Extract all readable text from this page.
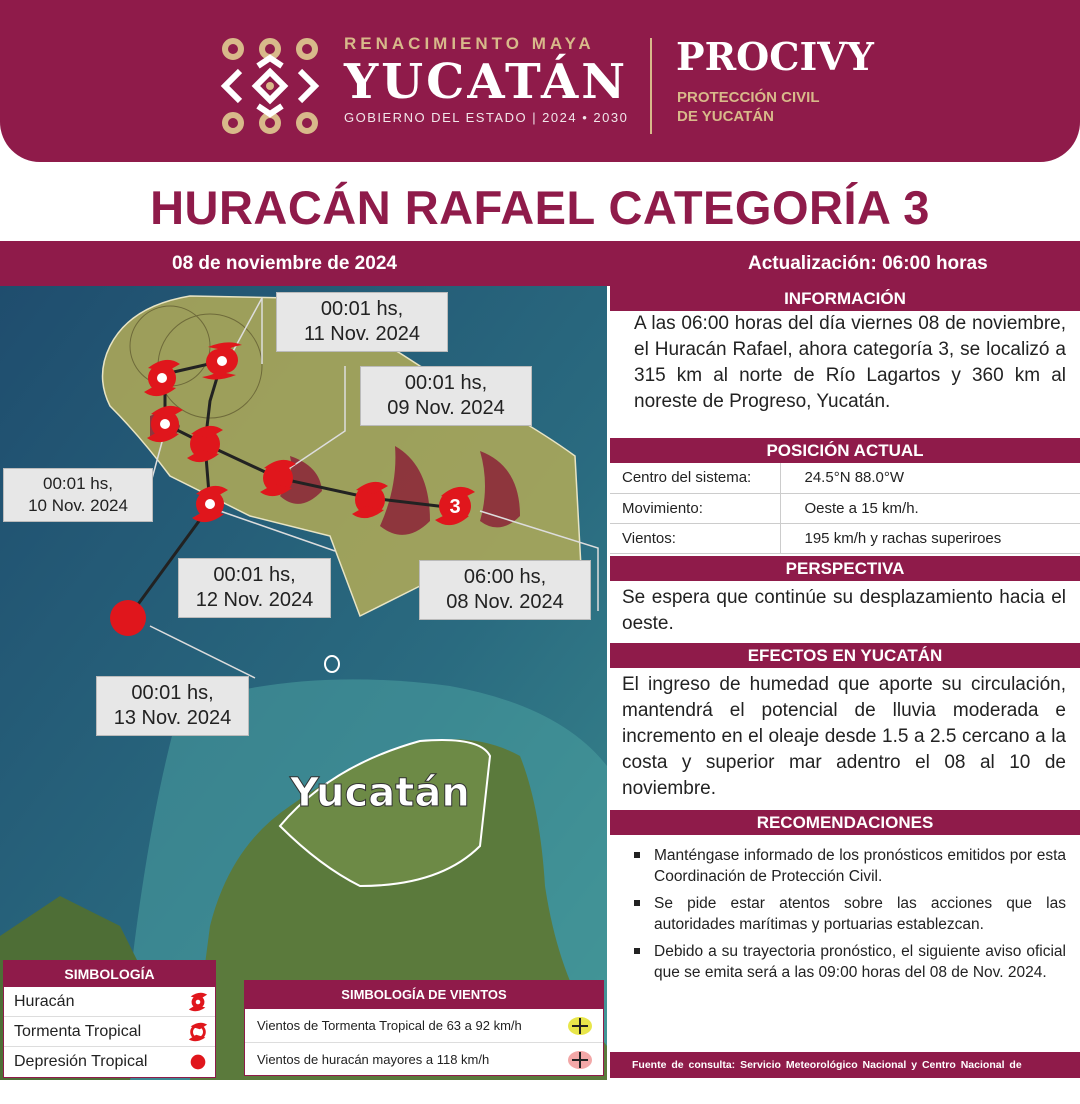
RENACIMIENTO MAYA
YUCATÁN
GOBIERNO DEL ESTADO | 2024 • 2030
PROCIVY
PROTECCIÓN CIVIL
DE YUCATÁN
HURACÁN RAFAEL CATEGORÍA 3
08 de noviembre de 2024	Actualización: 06:00 horas
3
Yucatán
00:01 hs,
11 Nov. 2024
00:01 hs,
09 Nov. 2024
00:01 hs,
10 Nov. 2024
00:01 hs,
12 Nov. 2024
06:00 hs,
08 Nov. 2024
00:01 hs,
13 Nov. 2024
SIMBOLOGÍA
Huracán
Tormenta Tropical
Depresión Tropical
SIMBOLOGÍA DE VIENTOS
Vientos de Tormenta Tropical de 63 a 92 km/h
Vientos de huracán mayores a 118 km/h
INFORMACIÓN
A las 06:00 horas del día viernes 08 de noviembre, el Huracán Rafael, ahora categoría 3, se localizó a 315 km al norte de Río Lagartos y 360 km al noreste de Progreso, Yucatán.
POSICIÓN ACTUAL
Centro del sistema:	24.5°N 88.0°W
Movimiento:	Oeste a 15 km/h.
Vientos:	195 km/h y rachas superiroes
PERSPECTIVA
Se espera que continúe su desplazamiento hacia el oeste.
EFECTOS EN YUCATÁN
El ingreso de humedad que aporte su circulación, mantendrá el potencial de lluvia moderada e incremento en el oleaje desde 1.5 a 2.5 cercano a la costa y superior mar adentro el 08 al 10 de noviembre.
RECOMENDACIONES
Manténgase informado de los pronósticos emitidos por esta Coordinación de Protección Civil.
Se pide estar atentos sobre las acciones que las autoridades marítimas y portuarias establezcan.
Debido a su trayectoria pronóstico, el siguiente aviso oficial que se emita será a las 09:00 horas del 08 de Nov. 2024.
Fuente de consulta: Servicio Meteorológico Nacional y Centro Nacional de Huracanes
